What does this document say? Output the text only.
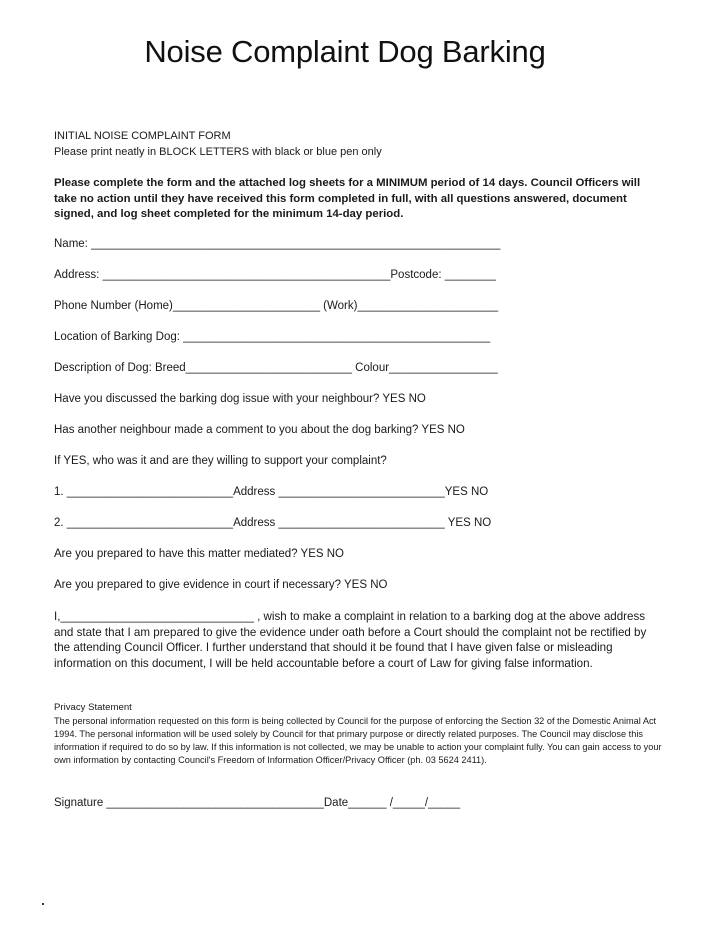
Noise Complaint Dog Barking
INITIAL NOISE COMPLAINT FORM
Please print neatly in BLOCK LETTERS with black or blue pen only
Please complete the form and the attached log sheets for a MINIMUM period of 14 days. Council Officers will take no action until they have received this form completed in full, with all questions answered, document signed, and log sheet completed for the minimum 14-day period.
Name: ________________________________________________________________
Address: _____________________________________________Postcode: ________
Phone Number (Home)_______________________ (Work)______________________
Location of Barking Dog: ________________________________________________
Description of Dog: Breed__________________________ Colour_________________
Have you discussed the barking dog issue with your neighbour? YES NO
Has another neighbour made a comment to you about the dog barking? YES NO
If YES, who was it and are they willing to support your complaint?
1. __________________________Address __________________________YES NO
2. __________________________Address __________________________ YES NO
Are you prepared to have this matter mediated? YES NO
Are you prepared to give evidence in court if necessary? YES NO
I,______________________________ , wish to make a complaint in relation to a barking dog at the above address and state that I am prepared to give the evidence under oath before a Court should the complaint not be rectified by the attending Council Officer. I further understand that should it be found that I have given false or misleading information on this document, I will be held accountable before a court of Law for giving false information.
Privacy Statement
The personal information requested on this form is being collected by Council for the purpose of enforcing the Section 32 of the Domestic Animal Act 1994. The personal information will be used solely by Council for that primary purpose or directly related purposes. The Council may disclose this information if required to do so by law. If this information is not collected, we may be unable to action your complaint fully. You can gain access to your own information by contacting Council's Freedom of Information Officer/Privacy Officer (ph. 03 5624 2411).
Signature __________________________________Date______ /_____/_____
